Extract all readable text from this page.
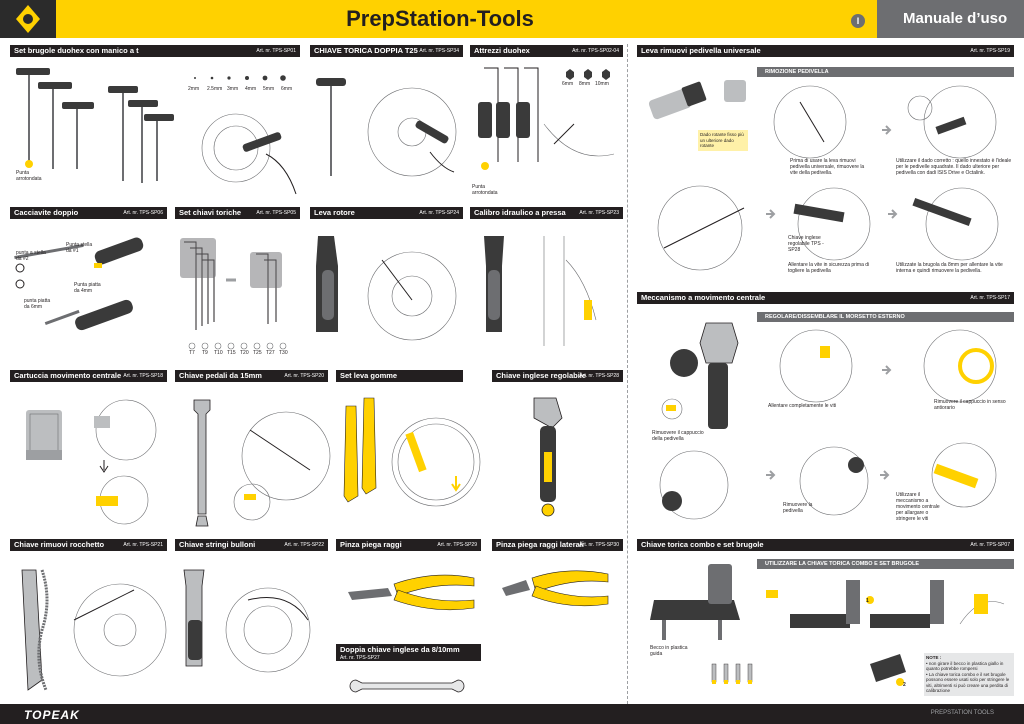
PrepStation-Tools	I	Manuale d’uso
Set brugole duohex con manico a t	Art. nr. TPS-SP01
Punta arrotondata
2mm 2.5mm 3mm 4mm 5mm 6mm
CHIAVE TORICA DOPPIA T25 Art. nr. TPS-SP34	Attrezzi duohex	Art. nr. TPS-SP02-04
6mm 8mm 10mm
Punta arrotondata
Cacciavite doppio	Art. nr. TPS-SP06
Punta stella da #1
punta a stella da #2
Punta piatta da 4mm
punta piatta da 6mm
Set chiavi toriche	Art. nr. TPS-SP05
T7 T9 T10 T15 T20 T25 T27 T30
Leva rotore	Art. nr. TPS-SP24	Calibro idraulico a pressa	Art. nr. TPS-SP23
Cartuccia movimento centrale Art. nr. TPS-SP18	Chiave pedali da 15mm	Art. nr. TPS-SP20	Set leva gomme	Chiave inglese regolabile
Art. nr. TPS-SP28
Chiave rimuovi rocchetto	Art. nr. TPS-SP21	Chiave stringi bulloni	Art. nr. TPS-SP22	Pinza piega raggi	Art. nr. TPS-SP29	Pinza piega raggi laterali
Art. nr. TPS-SP30
Doppia chiave inglese da 8/10mm
Art. nr. TPS-SP27
Leva rimuovi pedivella universale	Art. nr. TPS-SP19
RIMOZIONE PEDIVELLA
Dado rotante fisso più un ulteriore dado rotante
Prima di usare la leva rimuovi pedivella universale, rimuovere la vite della pedivella.
Utilizzare il dado corretto : quello innestato è l'ideale per le pedivelle squadrate. Il dado ulteriore per pedivella con dadi ISIS Drive e Octalink.
Chiave inglese regolabile TPS - SP28
Allentare la vite in sicurezza prima di togliere la pedivella
Utilizzate la brugola da 8mm per allentare la vite interna e quindi rimuovere la pedivella.
Meccanismo a movimento centrale	Art. nr. TPS-SP17
REGOLARE/DISSEMBLARE IL MORSETTO ESTERNO
Allentare completamente le viti
Rimuovere il cappuccio in senso antiorario
Rimuovere il cappuccio della pedivella
Rimuovere la pedivella
Utilizzare il meccanismo a movimento centrale per allargare o stringere le viti
Chiave torica combo e set brugole	Art. nr. TPS-SP07
UTILIZZARE LA CHIAVE TORICA COMBO E SET BRUGOLE
Becco in plastica guida
1
2
NOTE :
• non girare il becco in plastica giallo in quanto potrebbe rompersi
• La chiave torica combo e il set brugole possono essere usati solo per stringere le viti, altrimenti si può creare una perdita di calibrazione
TOPEAK	PREPSTATION TOOLS
